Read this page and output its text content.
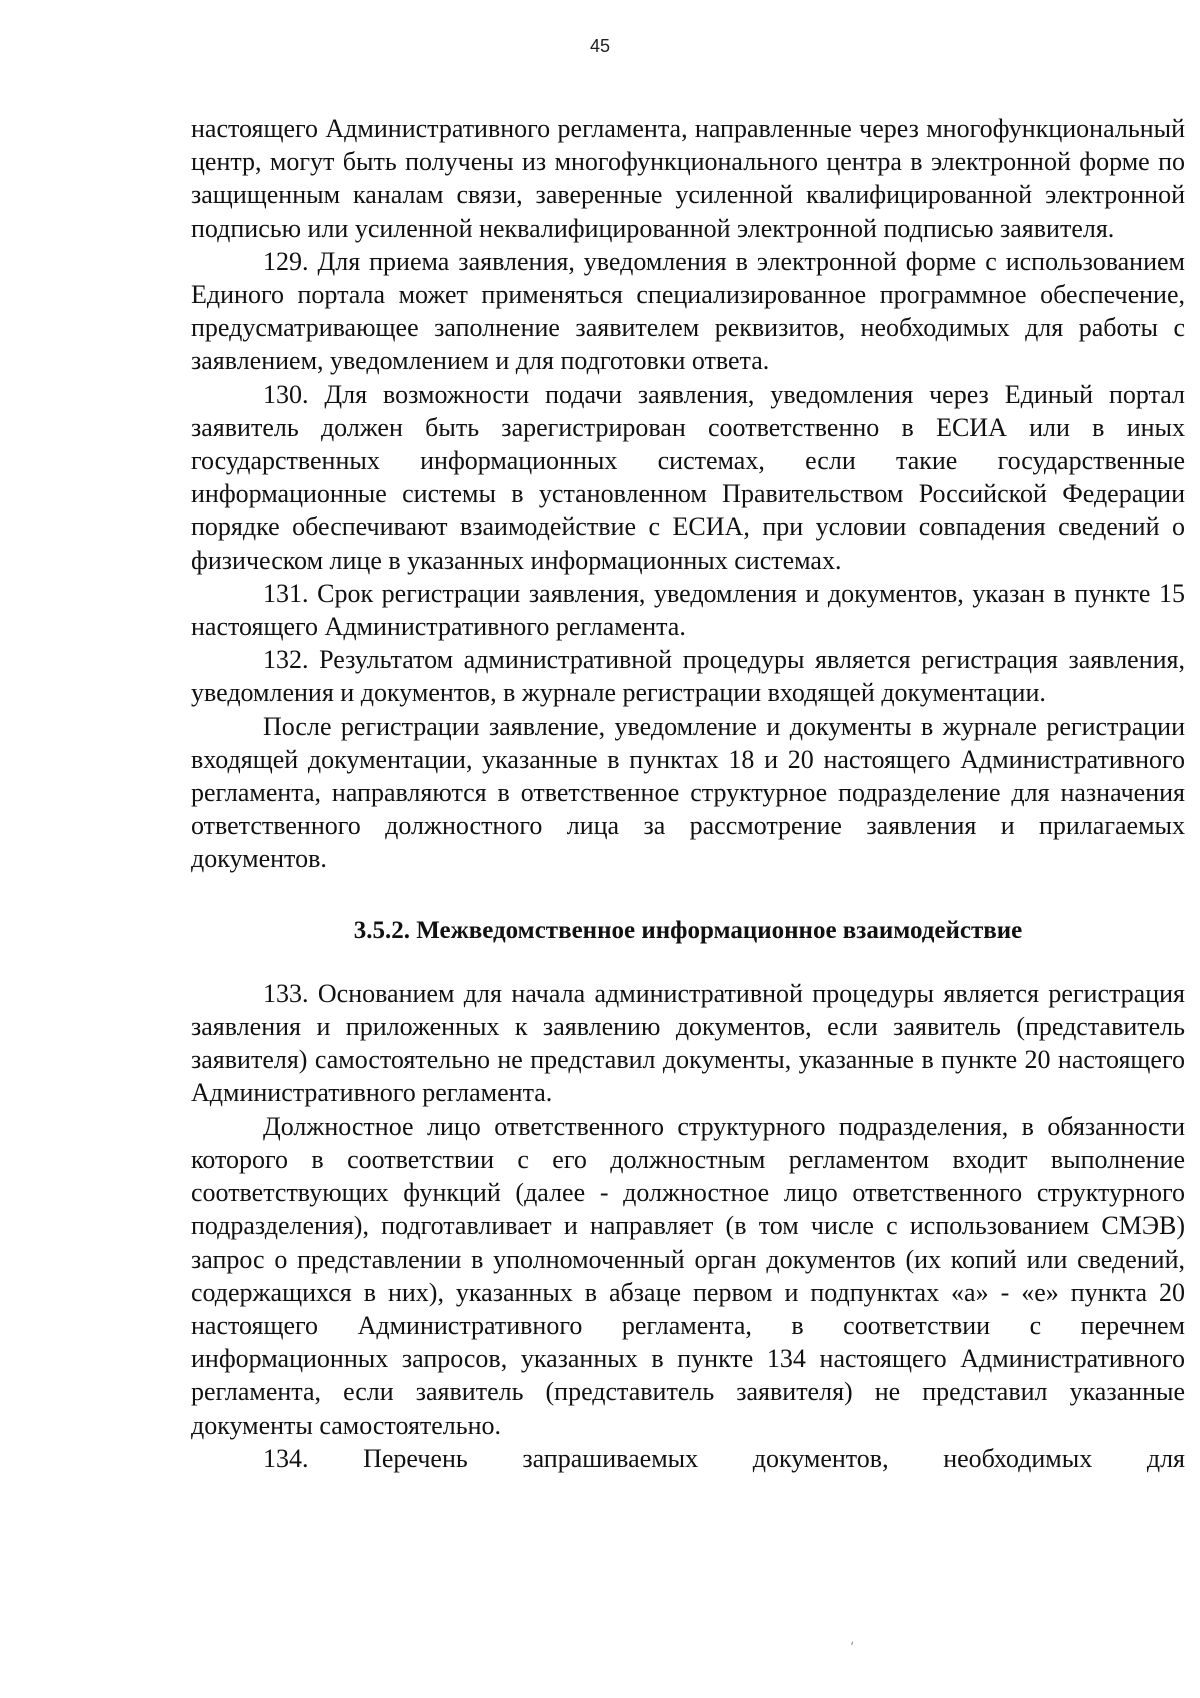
45

настоящего Административного регламента, направленные через многофункциональный центр, могут быть получены из многофункционального центра в электронной форме по защищенным каналам связи, заверенные усиленной квалифицированной электронной подписью или усиленной неквалифицированной электронной подписью заявителя.

129. Для приема заявления, уведомления в электронной форме с использованием Единого портала может применяться специализированное программное обеспечение, предусматривающее заполнение заявителем реквизитов, необходимых для работы с заявлением, уведомлением и для подготовки ответа.

130. Для возможности подачи заявления, уведомления через Единый портал заявитель должен быть зарегистрирован соответственно в ЕСИА или в иных государственных информационных системах, если такие государственные информационные системы в установленном Правительством Российской Федерации порядке обеспечивают взаимодействие с ЕСИА, при условии совпадения сведений о физическом лице в указанных информационных системах.

131. Срок регистрации заявления, уведомления и документов, указан в пункте 15 настоящего Административного регламента.

132. Результатом административной процедуры является регистрация заявления, уведомления и документов, в журнале регистрации входящей документации.

После регистрации заявление, уведомление и документы в журнале регистрации входящей документации, указанные в пунктах 18 и 20 настоящего Административного регламента, направляются в ответственное структурное подразделение для назначения ответственного должностного лица за рассмотрение заявления и прилагаемых документов.

3.5.2. Межведомственное информационное взаимодействие

133. Основанием для начала административной процедуры является регистрация заявления и приложенных к заявлению документов, если заявитель (представитель заявителя) самостоятельно не представил документы, указанные в пункте 20 настоящего Административного регламента.

Должностное лицо ответственного структурного подразделения, в обязанности которого в соответствии с его должностным регламентом входит выполнение соответствующих функций (далее - должностное лицо ответственного структурного подразделения), подготавливает и направляет (в том числе с использованием СМЭВ) запрос о представлении в уполномоченный орган документов (их копий или сведений, содержащихся в них), указанных в абзаце первом и подпунктах «а» - «е» пункта 20 настоящего Административного регламента, в соответствии с перечнем информационных запросов, указанных в пункте 134 настоящего Административного регламента, если заявитель (представитель заявителя) не представил указанные документы самостоятельно.

134. Перечень запрашиваемых документов, необходимых для

‘
